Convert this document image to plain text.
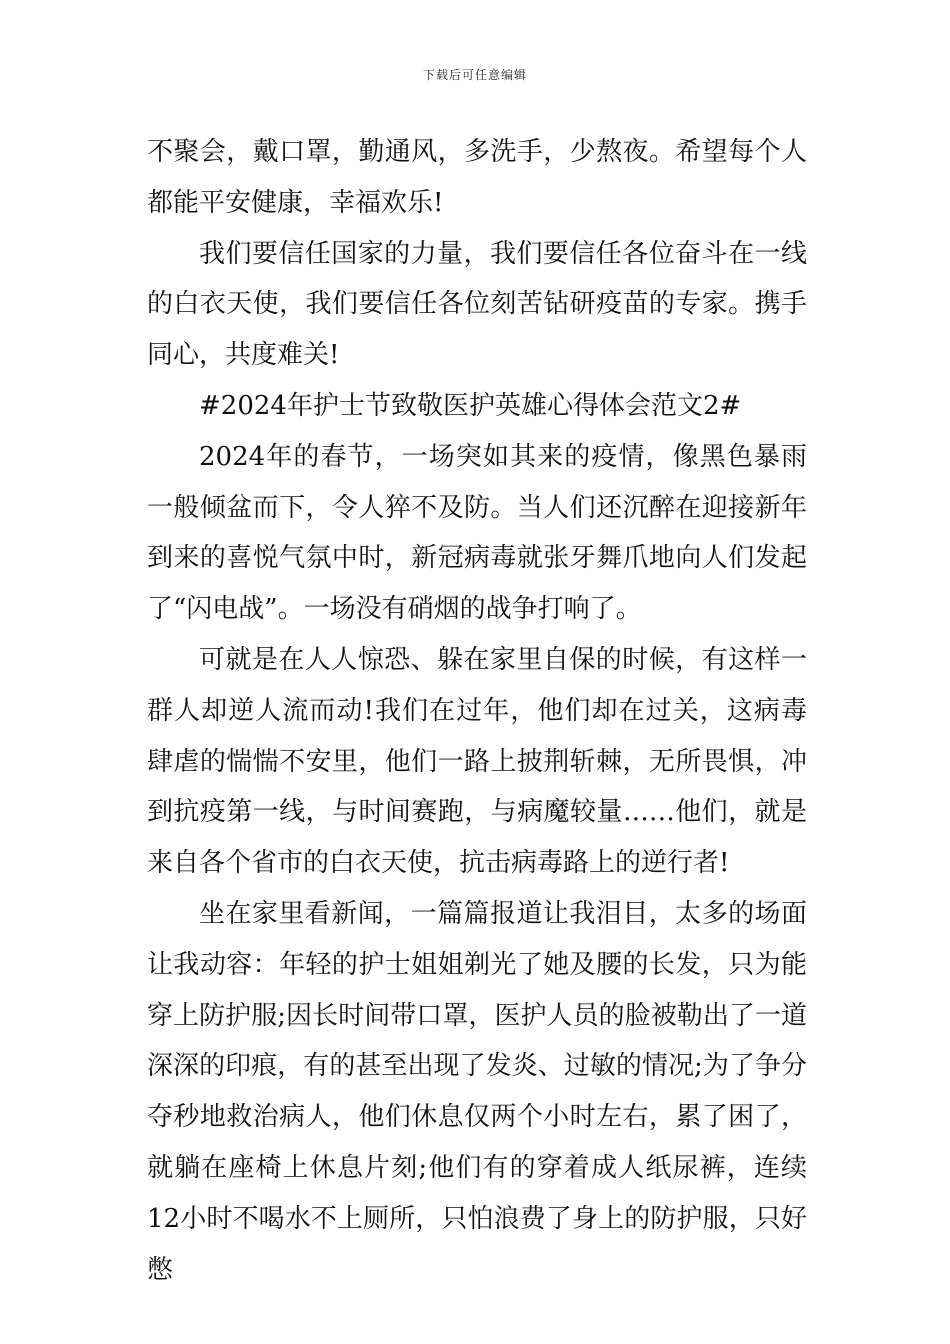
下载后可任意编辑

不聚会，戴口罩，勤通风，多洗手，少熬夜。希望每个人都能平安健康，幸福欢乐!

我们要信任国家的力量，我们要信任各位奋斗在一线的白衣天使，我们要信任各位刻苦钻研疫苗的专家。携手同心，共度难关!

#2024年护士节致敬医护英雄心得体会范文2#

2024年的春节，一场突如其来的疫情，像黑色暴雨一般倾盆而下，令人猝不及防。当人们还沉醉在迎接新年到来的喜悦气氛中时，新冠病毒就张牙舞爪地向人们发起了“闪电战”。一场没有硝烟的战争打响了。

可就是在人人惊恐、躲在家里自保的时候，有这样一群人却逆人流而动!我们在过年，他们却在过关，这病毒肆虐的惴惴不安里，他们一路上披荆斩棘，无所畏惧，冲到抗疫第一线，与时间赛跑，与病魔较量……他们，就是来自各个省市的白衣天使，抗击病毒路上的逆行者!

坐在家里看新闻，一篇篇报道让我泪目，太多的场面让我动容：年轻的护士姐姐剃光了她及腰的长发，只为能穿上防护服;因长时间带口罩，医护人员的脸被勒出了一道深深的印痕，有的甚至出现了发炎、过敏的情况;为了争分夺秒地救治病人，他们休息仅两个小时左右，累了困了，就躺在座椅上休息片刻;他们有的穿着成人纸尿裤，连续12小时不喝水不上厕所，只怕浪费了身上的防护服，只好憋
